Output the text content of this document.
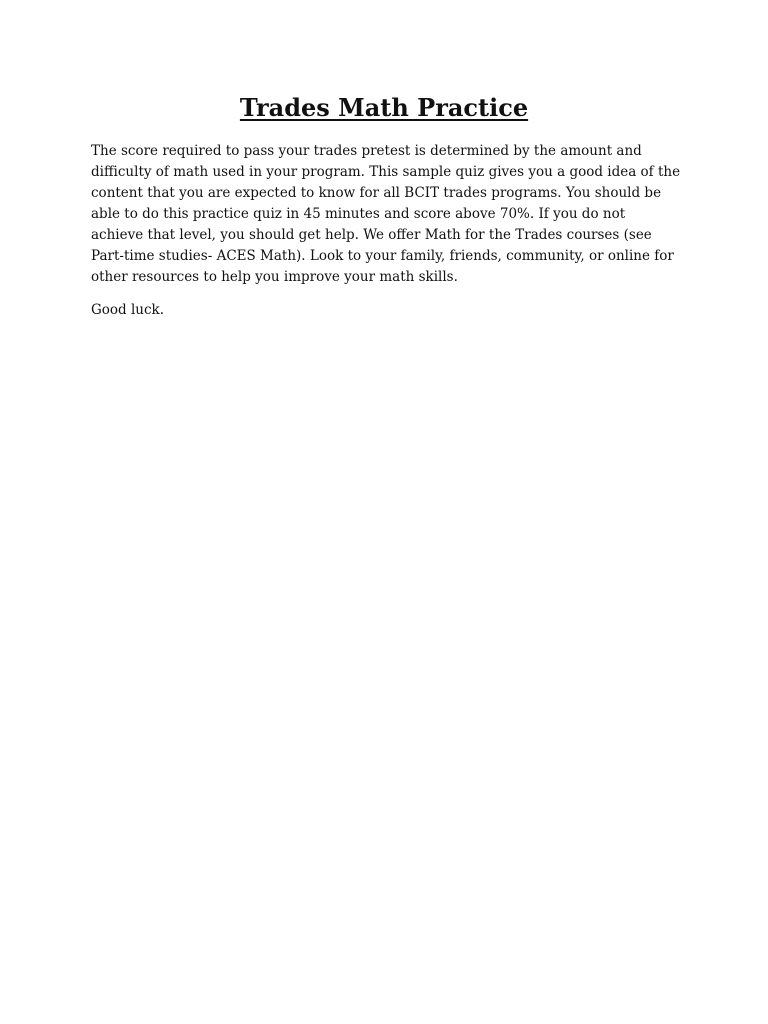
Trades Math Practice

The score required to pass your trades pretest is determined by the amount and difficulty of math used in your program. This sample quiz gives you a good idea of the content that you are expected to know for all BCIT trades programs. You should be able to do this practice quiz in 45 minutes and score above 70%. If you do not achieve that level, you should get help. We offer Math for the Trades courses (see Part-time studies- ACES Math). Look to your family, friends, community, or online for other resources to help you improve your math skills.

Good luck.
